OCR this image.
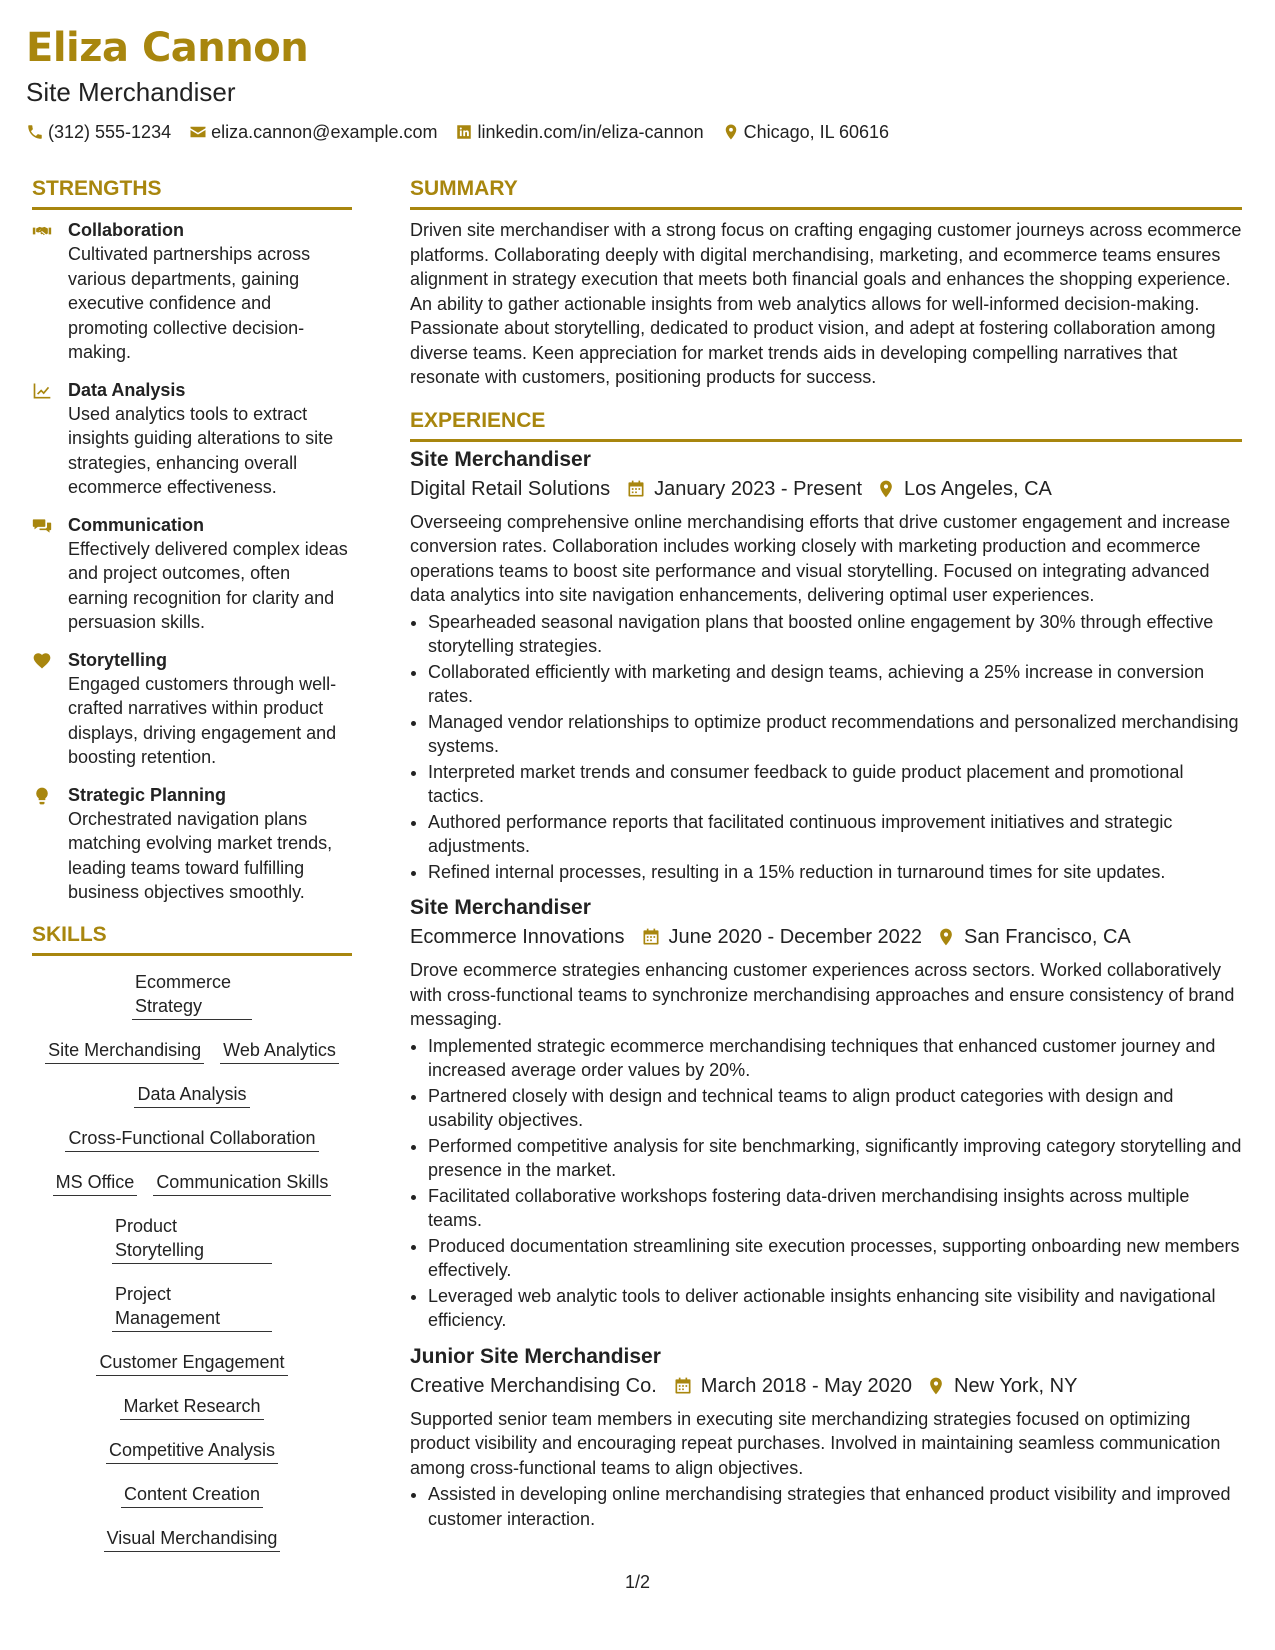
Eliza Cannon
Site Merchandiser
(312) 555-1234 eliza.cannon@example.com linkedin.com/in/eliza-cannon Chicago, IL 60616
STRENGTHS
Collaboration
Cultivated partnerships across various departments, gaining executive confidence and promoting collective decision-making.
Data Analysis
Used analytics tools to extract insights guiding alterations to site strategies, enhancing overall ecommerce effectiveness.
Communication
Effectively delivered complex ideas and project outcomes, often earning recognition for clarity and persuasion skills.
Storytelling
Engaged customers through well-crafted narratives within product displays, driving engagement and boosting retention.
Strategic Planning
Orchestrated navigation plans matching evolving market trends, leading teams toward fulfilling business objectives smoothly.
SKILLS
Ecommerce Strategy
Site Merchandising Web Analytics
Data Analysis
Cross-Functional Collaboration
MS Office Communication Skills
Product Storytelling
Project Management
Customer Engagement
Market Research
Competitive Analysis
Content Creation
Visual Merchandising
SUMMARY
Driven site merchandiser with a strong focus on crafting engaging customer journeys across ecommerce platforms. Collaborating deeply with digital merchandising, marketing, and ecommerce teams ensures alignment in strategy execution that meets both financial goals and enhances the shopping experience. An ability to gather actionable insights from web analytics allows for well-informed decision-making. Passionate about storytelling, dedicated to product vision, and adept at fostering collaboration among diverse teams. Keen appreciation for market trends aids in developing compelling narratives that resonate with customers, positioning products for success.
EXPERIENCE
Site Merchandiser
Digital Retail Solutions January 2023 - Present Los Angeles, CA
Overseeing comprehensive online merchandising efforts that drive customer engagement and increase conversion rates. Collaboration includes working closely with marketing production and ecommerce operations teams to boost site performance and visual storytelling. Focused on integrating advanced data analytics into site navigation enhancements, delivering optimal user experiences.
• Spearheaded seasonal navigation plans that boosted online engagement by 30% through effective storytelling strategies.
• Collaborated efficiently with marketing and design teams, achieving a 25% increase in conversion rates.
• Managed vendor relationships to optimize product recommendations and personalized merchandising systems.
• Interpreted market trends and consumer feedback to guide product placement and promotional tactics.
• Authored performance reports that facilitated continuous improvement initiatives and strategic adjustments.
• Refined internal processes, resulting in a 15% reduction in turnaround times for site updates.
Site Merchandiser
Ecommerce Innovations June 2020 - December 2022 San Francisco, CA
Drove ecommerce strategies enhancing customer experiences across sectors. Worked collaboratively with cross-functional teams to synchronize merchandising approaches and ensure consistency of brand messaging.
• Implemented strategic ecommerce merchandising techniques that enhanced customer journey and increased average order values by 20%.
• Partnered closely with design and technical teams to align product categories with design and usability objectives.
• Performed competitive analysis for site benchmarking, significantly improving category storytelling and presence in the market.
• Facilitated collaborative workshops fostering data-driven merchandising insights across multiple teams.
• Produced documentation streamlining site execution processes, supporting onboarding new members effectively.
• Leveraged web analytic tools to deliver actionable insights enhancing site visibility and navigational efficiency.
Junior Site Merchandiser
Creative Merchandising Co. March 2018 - May 2020 New York, NY
Supported senior team members in executing site merchandizing strategies focused on optimizing product visibility and encouraging repeat purchases. Involved in maintaining seamless communication among cross-functional teams to align objectives.
• Assisted in developing online merchandising strategies that enhanced product visibility and improved customer interaction.
1/2
